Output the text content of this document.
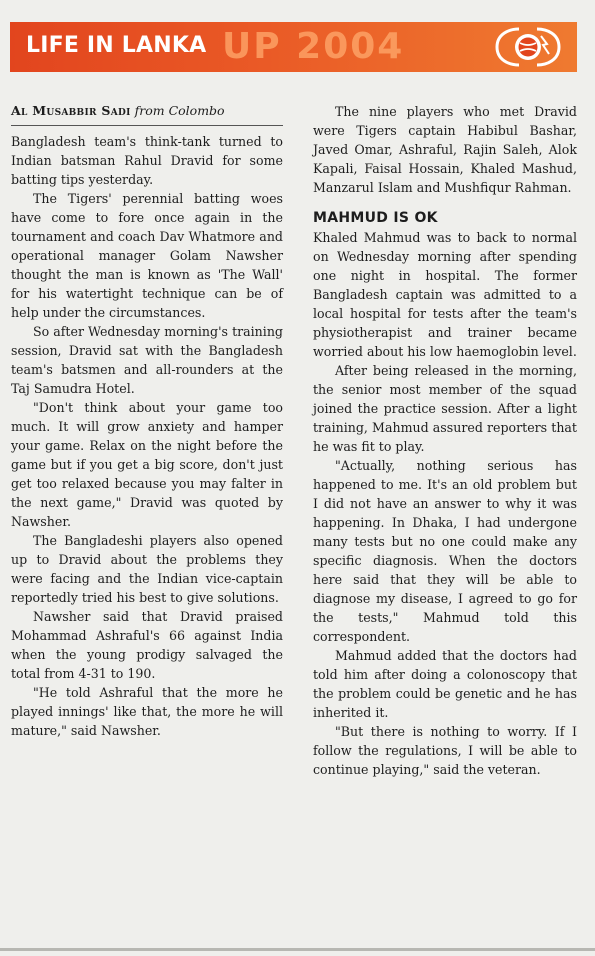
UP 2004
LIFE IN LANKA
Al Musabbir Sadi from Colombo

Bangladesh team's think-tank turned to Indian batsman Rahul Dravid for some batting tips yesterday.

The Tigers' perennial batting woes have come to fore once again in the tournament and coach Dav Whatmore and operational manager Golam Nawsher thought the man is known as 'The Wall' for his watertight technique can be of help under the circumstances.

So after Wednesday morning's training session, Dravid sat with the Bangladesh team's batsmen and all-rounders at the Taj Samudra Hotel.

"Don't think about your game too much. It will grow anxiety and hamper your game. Relax on the night before the game but if you get a big score, don't just get too relaxed because you may falter in the next game," Dravid was quoted by Nawsher.

The Bangladeshi players also opened up to Dravid about the problems they were facing and the Indian vice-captain reportedly tried his best to give solutions.

Nawsher said that Dravid praised Mohammad Ashraful's 66 against India when the young prodigy salvaged the total from 4-31 to 190.

"He told Ashraful that the more he played innings' like that, the more he will mature," said Nawsher.

The nine players who met Dravid were Tigers captain Habibul Bashar, Javed Omar, Ashraful, Rajin Saleh, Alok Kapali, Faisal Hossain, Khaled Mashud, Manzarul Islam and Mushfiqur Rahman.

MAHMUD IS OK

Khaled Mahmud was to back to normal on Wednesday morning after spending one night in hospital. The former Bangladesh captain was admitted to a local hospital for tests after the team's physiotherapist and trainer became worried about his low haemoglobin level.

After being released in the morning, the senior most member of the squad joined the practice session. After a light training, Mahmud assured reporters that he was fit to play.

"Actually, nothing serious has happened to me. It's an old problem but I did not have an answer to why it was happening. In Dhaka, I had undergone many tests but no one could make any specific diagnosis. When the doctors here said that they will be able to diagnose my disease, I agreed to go for the tests," Mahmud told this correspondent.

Mahmud added that the doctors had told him after doing a colonoscopy that the problem could be genetic and he has inherited it.

"But there is nothing to worry. If I follow the regulations, I will be able to continue playing," said the veteran.
